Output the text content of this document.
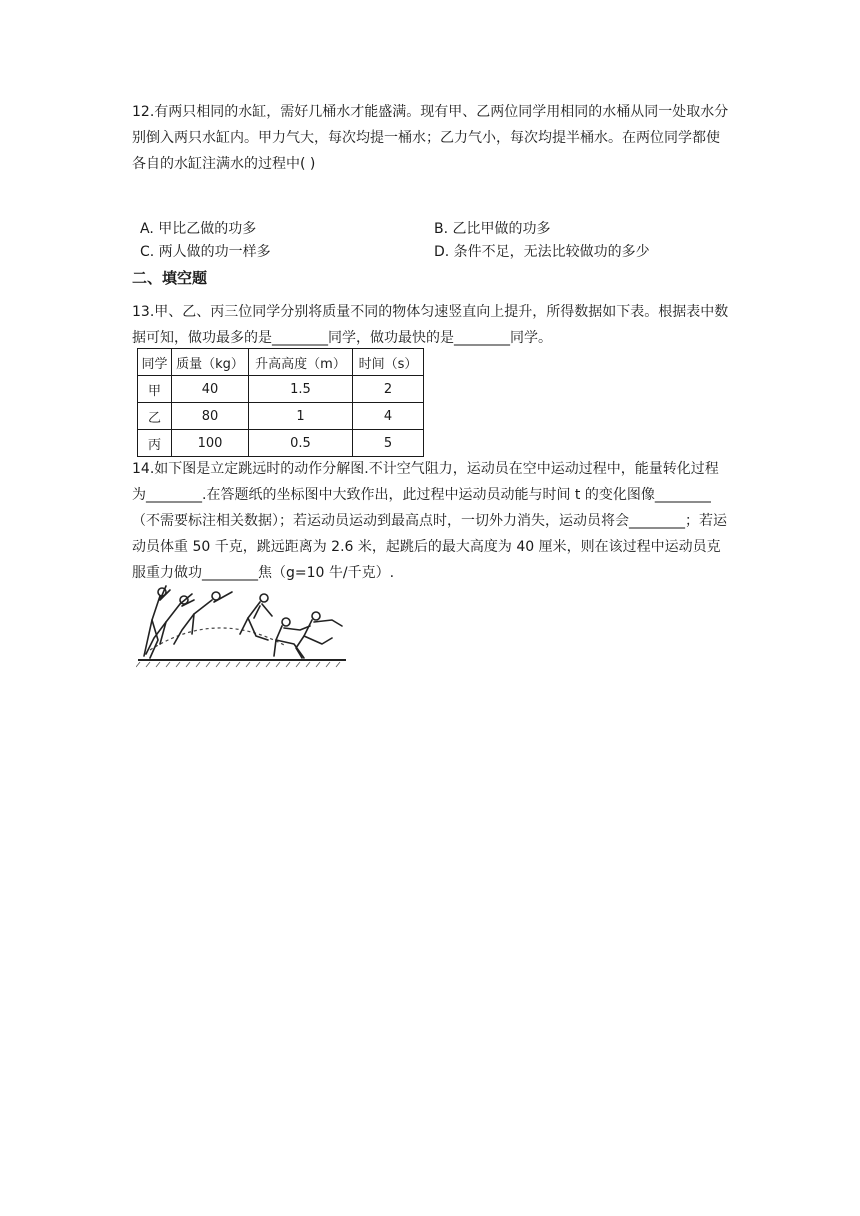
12.有两只相同的水缸，需好几桶水才能盛满。现有甲、乙两位同学用相同的水桶从同一处取水分别倒入两只水缸内。甲力气大，每次均提一桶水；乙力气小，每次均提半桶水。在两位同学都使各自的水缸注满水的过程中( )
A. 甲比乙做的功多	B. 乙比甲做的功多
C. 两人做的功一样多	D. 条件不足，无法比较做功的多少
二、填空题
13.甲、乙、丙三位同学分别将质量不同的物体匀速竖直向上提升，所得数据如下表。根据表中数据可知，做功最多的是________同学，做功最快的是________同学。
同学	质量（kg）	升高高度（m）	时间（s）
甲	40	1.5	2
乙	80	1	4
丙	100	0.5	5
14.如下图是立定跳远时的动作分解图.不计空气阻力，运动员在空中运动过程中，能量转化过程为________.在答题纸的坐标图中大致作出，此过程中运动员动能与时间 t 的变化图像________（不需要标注相关数据）；若运动员运动到最高点时，一切外力消失，运动员将会________；若运动员体重 50 千克，跳远距离为 2.6 米，起跳后的最大高度为 40 厘米，则在该过程中运动员克服重力做功________焦（g=10 牛/千克）.
